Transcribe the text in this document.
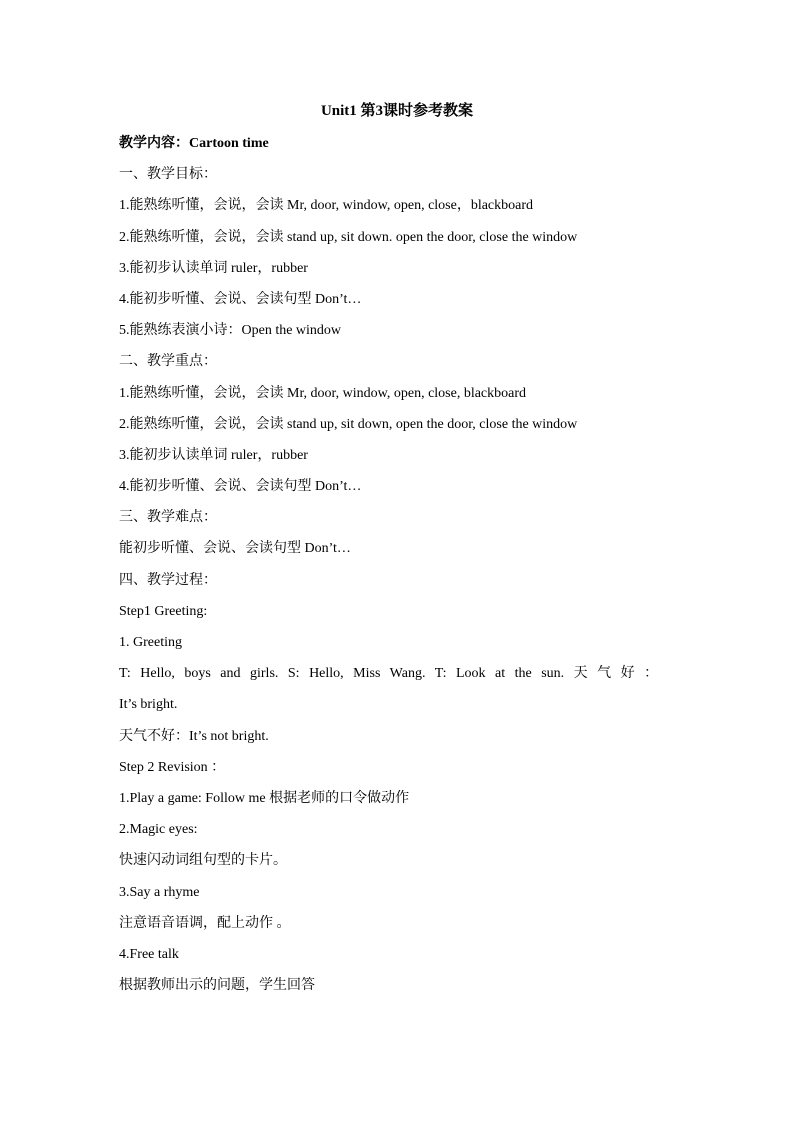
Unit1 第3课时参考教案
教学内容：Cartoon time
一、教学目标：
1.能熟练听懂，会说，会读 Mr, door, window, open, close，blackboard
2.能熟练听懂，会说，会读 stand up, sit down. open the door, close the window
3.能初步认读单词 ruler，rubber
4.能初步听懂、会说、会读句型 Don’t…
5.能熟练表演小诗：Open the window
二、教学重点：
1.能熟练听懂，会说，会读 Mr, door, window, open, close, blackboard
2.能熟练听懂，会说，会读 stand up, sit down, open the door, close the window
3.能初步认读单词 ruler，rubber
4.能初步听懂、会说、会读句型 Don’t…
三、教学难点：
能初步听懂、会说、会读句型 Don’t…
四、教学过程：
Step1 Greeting:
1. Greeting
T: Hello, boys and girls. S: Hello, Miss Wang. T: Look at the sun. 天 气 好 ：
It’s bright.
天气不好：It’s not bright.
Step 2 Revision ：
1.Play a game: Follow me 根据老师的口令做动作
2.Magic eyes:
快速闪动词组句型的卡片。
3.Say a rhyme
注意语音语调，配上动作 。
4.Free talk
根据教师出示的问题，学生回答
